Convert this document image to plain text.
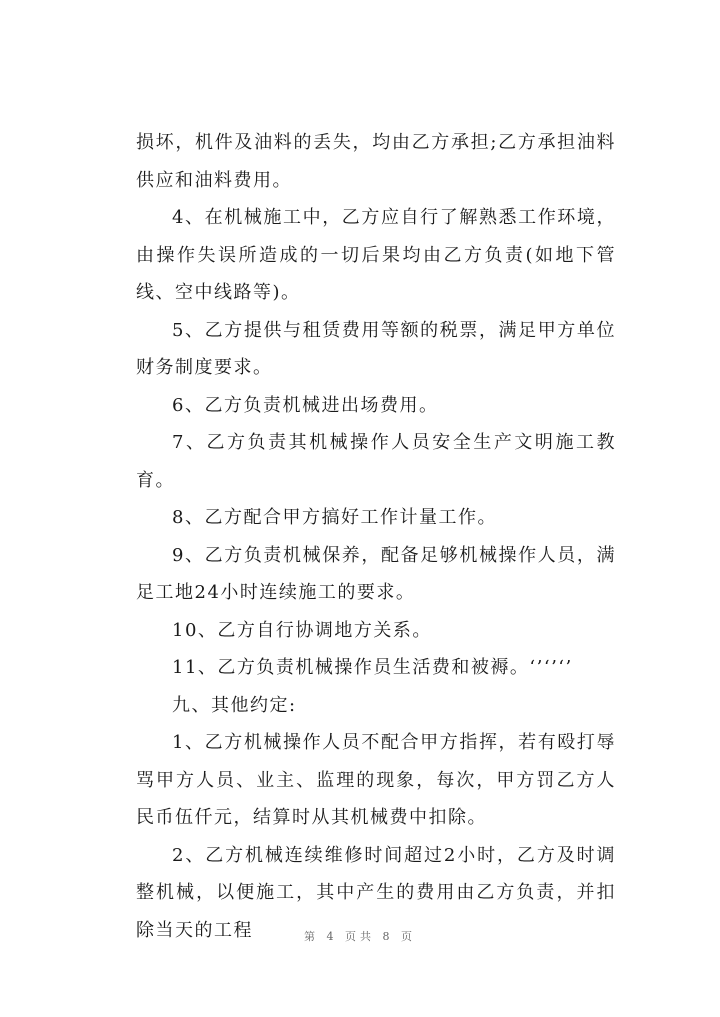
损坏，机件及油料的丢失，均由乙方承担;乙方承担油料供应和油料费用。

4、在机械施工中，乙方应自行了解熟悉工作环境，由操作失误所造成的一切后果均由乙方负责(如地下管线、空中线路等)。

5、乙方提供与租赁费用等额的税票，满足甲方单位财务制度要求。

6、乙方负责机械进出场费用。

7、乙方负责其机械操作人员安全生产文明施工教育。

8、乙方配合甲方搞好工作计量工作。

9、乙方负责机械保养，配备足够机械操作人员，满足工地24小时连续施工的要求。

10、乙方自行协调地方关系。

11、乙方负责机械操作员生活费和被褥。‘’‘’‘’

九、其他约定:

1、乙方机械操作人员不配合甲方指挥，若有殴打辱骂甲方人员、业主、监理的现象，每次，甲方罚乙方人民币伍仟元，结算时从其机械费中扣除。

2、乙方机械连续维修时间超过2小时，乙方及时调整机械，以便施工，其中产生的费用由乙方负责，并扣除当天的工程	第 4 页共 8 页
